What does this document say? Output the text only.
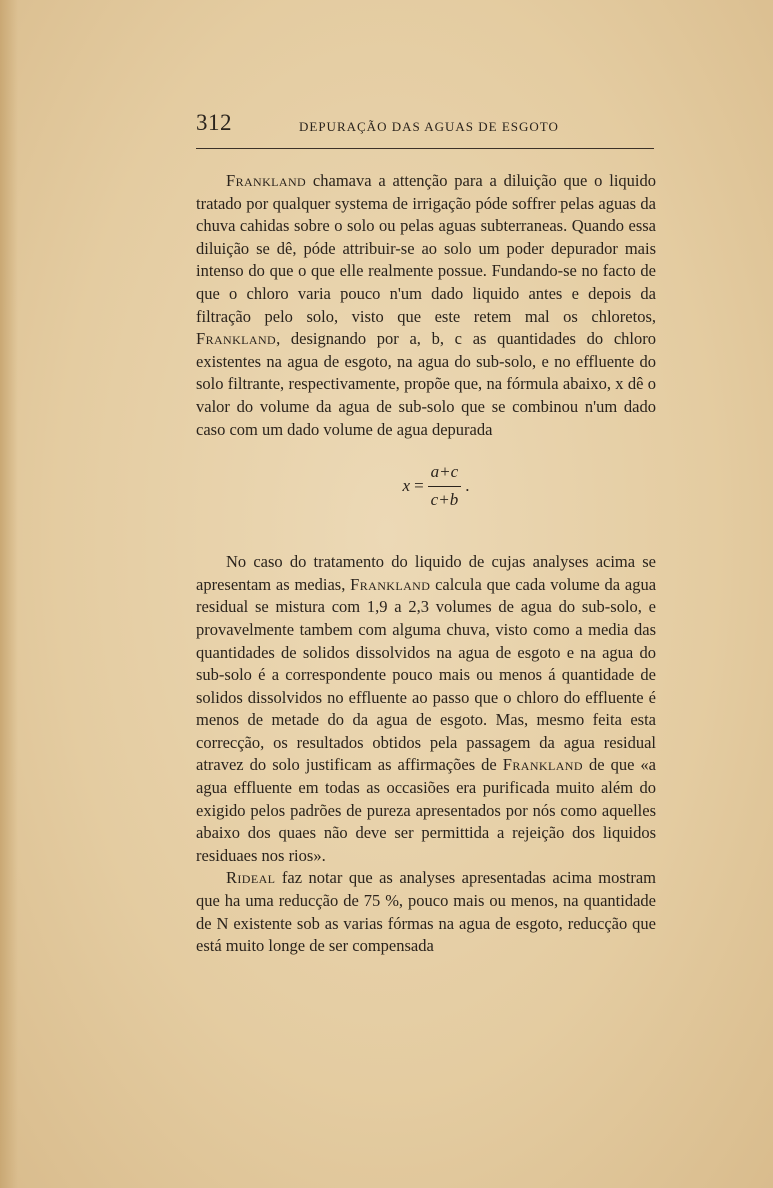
312	DEPURAÇÃO DAS AGUAS DE ESGOTO

Frankland chamava a attenção para a diluição que o liquido tratado por qualquer systema de irrigação póde soffrer pelas aguas da chuva cahidas sobre o solo ou pelas aguas subterraneas. Quando essa diluição se dê, póde attribuir-se ao solo um poder depurador mais intenso do que o que elle realmente possue. Fundando-se no facto de que o chloro varia pouco n'um dado liquido antes e depois da filtração pelo solo, visto que este retem mal os chloretos, Frankland, designando por a, b, c as quantidades do chloro existentes na agua de esgoto, na agua do sub-solo, e no effluente do solo filtrante, respectivamente, propõe que, na fórmula abaixo, x dê o valor do volume da agua de sub-solo que se combinou n'um dado caso com um dado volume de agua depurada

$x = \frac{a+c}{c+b}$ .

No caso do tratamento do liquido de cujas analyses acima se apresentam as medias, Frankland calcula que cada volume da agua residual se mistura com 1,9 a 2,3 volumes de agua do sub-solo, e provavelmente tambem com alguma chuva, visto como a media das quantidades de solidos dissolvidos na agua de esgoto e na agua do sub-solo é a correspondente pouco mais ou menos á quantidade de solidos dissolvidos no effluente ao passo que o chloro do effluente é menos de metade do da agua de esgoto. Mas, mesmo feita esta correcção, os resultados obtidos pela passagem da agua residual atravez do solo justificam as affirmações de Frankland de que «a agua effluente em todas as occasiões era purificada muito além do exigido pelos padrões de pureza apresentados por nós como aquelles abaixo dos quaes não deve ser permittida a rejeição dos liquidos residuaes nos rios».

Rideal faz notar que as analyses apresentadas acima mostram que ha uma reducção de 75 %, pouco mais ou menos, na quantidade de N existente sob as varias fórmas na agua de esgoto, reducção que está muito longe de ser compensada
